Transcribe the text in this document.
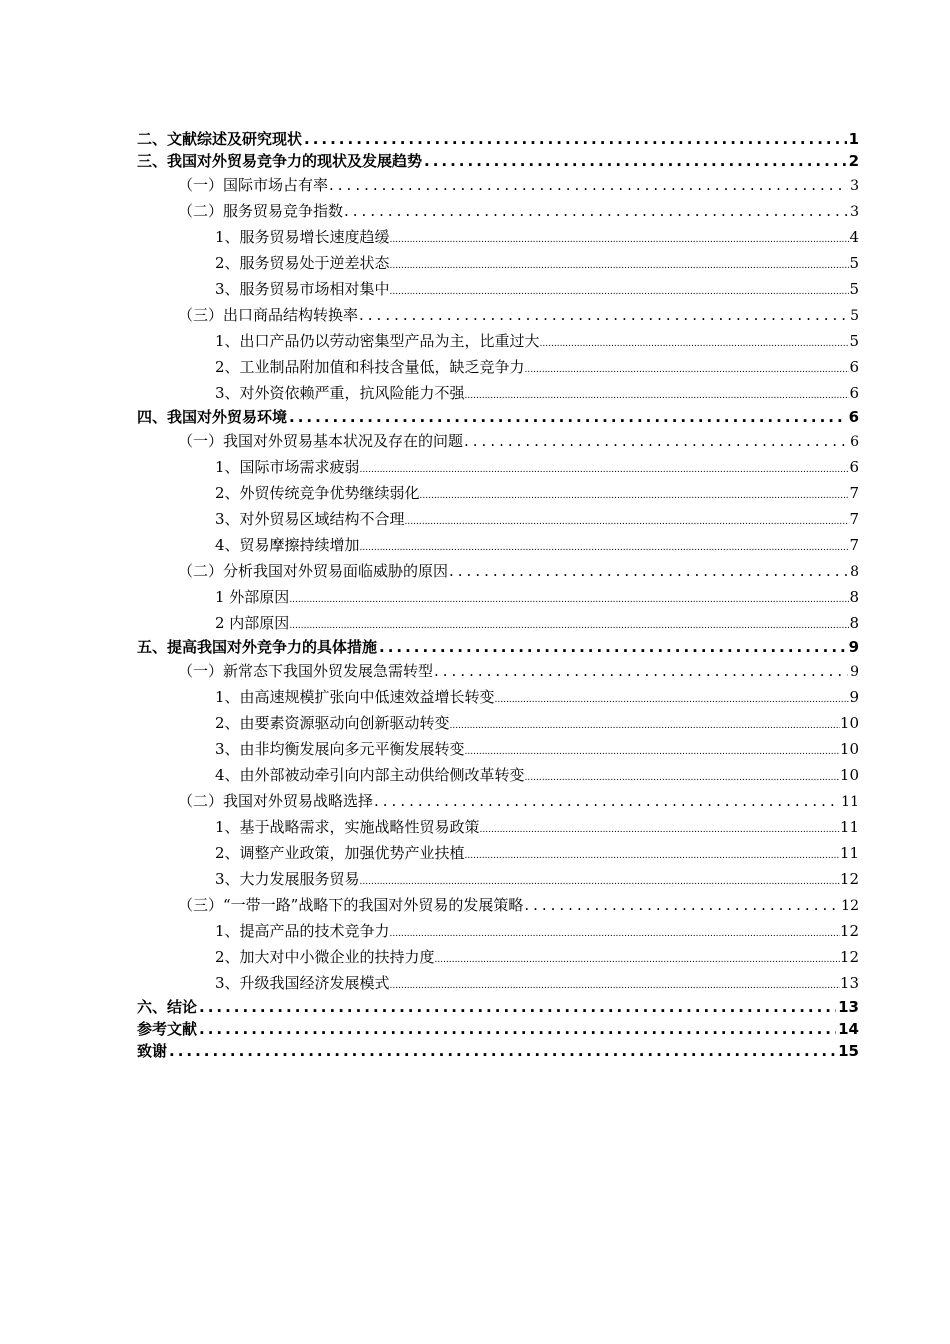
二、文献综述及研究现状 .....	1
三、我国对外贸易竞争力的现状及发展趋势 .....	2
（一）国际市场占有率 .....	3
（二）服务贸易竞争指数 .....	3
1、服务贸易增长速度趋缓 .....	4
2、服务贸易处于逆差状态 .....	5
3、服务贸易市场相对集中 .....	5
（三）出口商品结构转换率 .....	5
1、出口产品仍以劳动密集型产品为主，比重过大 .....	5
2、工业制品附加值和科技含量低，缺乏竞争力 .....	6
3、对外资依赖严重，抗风险能力不强 .....	6
四、我国对外贸易环境 .....	6
（一）我国对外贸易基本状况及存在的问题 .....	6
1、国际市场需求疲弱 .....	6
2、外贸传统竞争优势继续弱化 .....	7
3、对外贸易区域结构不合理 .....	7
4、贸易摩擦持续增加 .....	7
（二）分析我国对外贸易面临威胁的原因 .....	8
1 外部原因 .....	8
2 内部原因 .....	8
五、提高我国对外竞争力的具体措施 .....	9
（一）新常态下我国外贸发展急需转型 .....	9
1、由高速规模扩张向中低速效益增长转变 .....	9
2、由要素资源驱动向创新驱动转变 .....	10
3、由非均衡发展向多元平衡发展转变 .....	10
4、由外部被动牵引向内部主动供给侧改革转变 .....	10
（二）我国对外贸易战略选择 .....	11
1、基于战略需求，实施战略性贸易政策 .....	11
2、调整产业政策，加强优势产业扶植 .....	11
3、大力发展服务贸易 .....	12
（三）“一带一路”战略下的我国对外贸易的发展策略 .....	12
1、提高产品的技术竞争力 .....	12
2、加大对中小微企业的扶持力度 .....	12
3、升级我国经济发展模式 .....	13
六、结论 .....	13
参考文献 .....	14
致谢 .....	15
